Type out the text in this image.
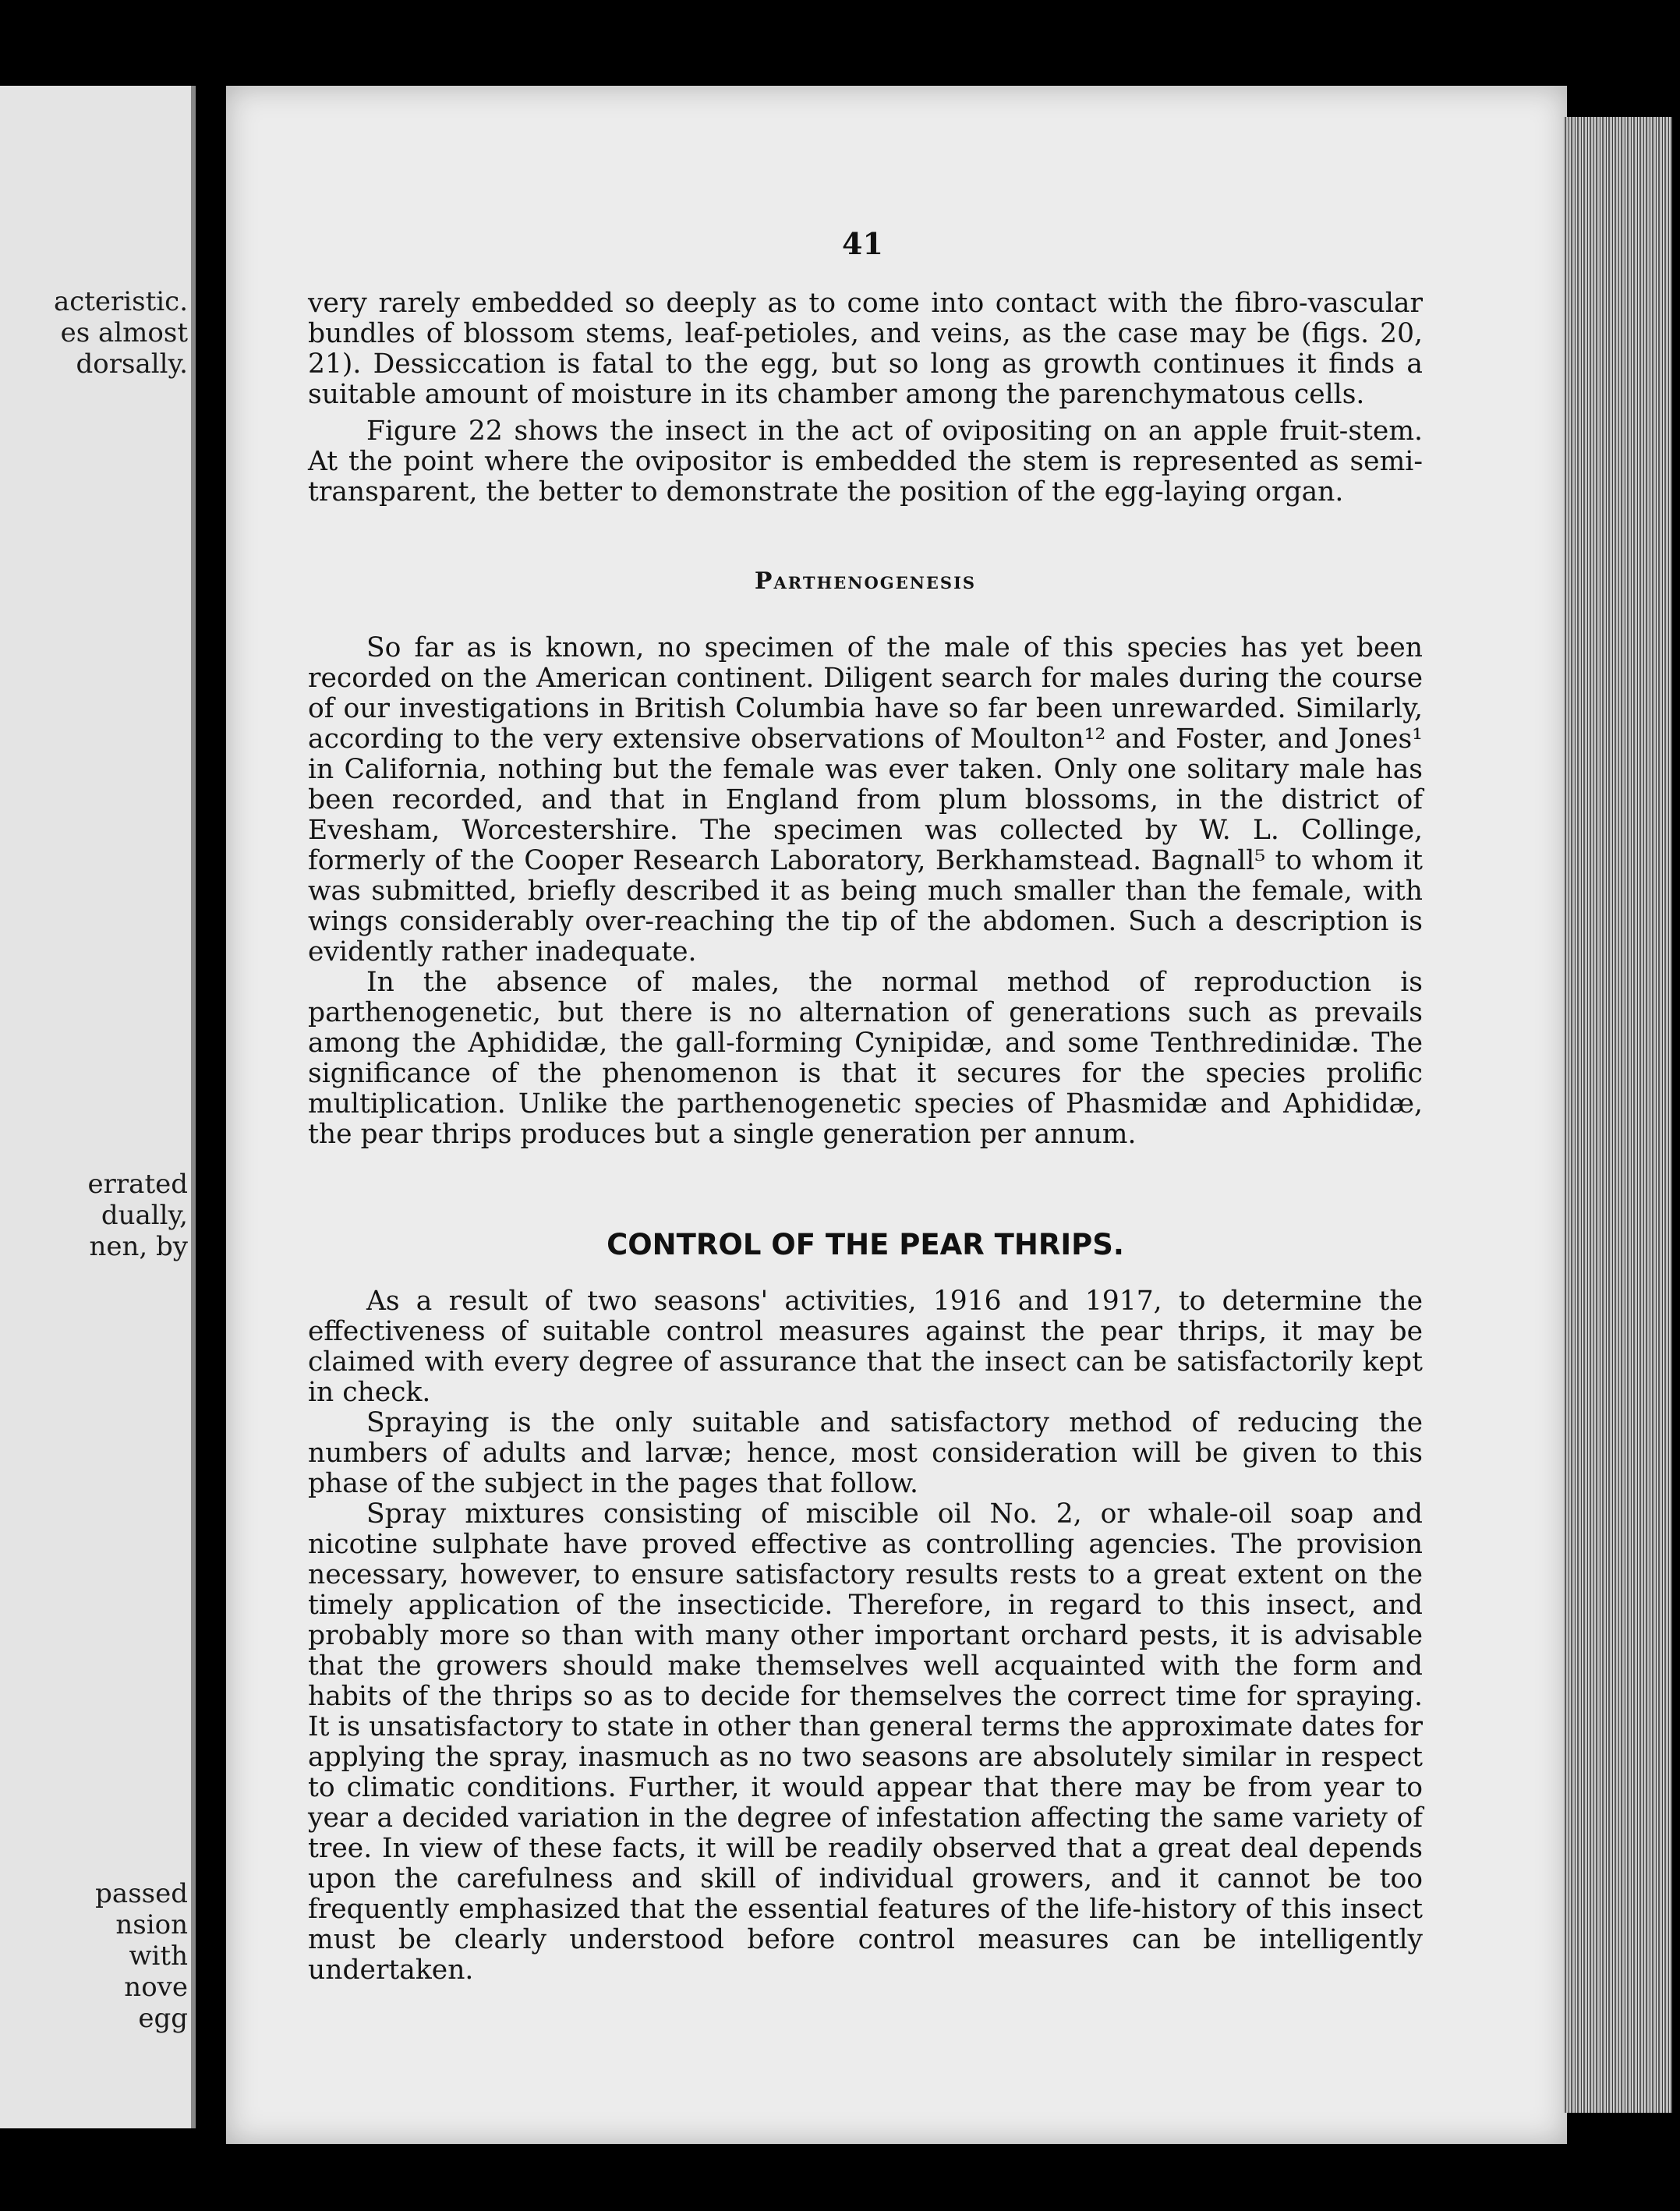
acteristic.
es almost
dorsally.
errated
dually,
nen, by
passed
nsion
with
nove
egg
41

very rarely embedded so deeply as to come into contact with the fibro-vascular bundles of blossom stems, leaf-petioles, and veins, as the case may be (figs. 20, 21). Dessiccation is fatal to the egg, but so long as growth continues it finds a suitable amount of moisture in its chamber among the parenchymatous cells.

Figure 22 shows the insect in the act of ovipositing on an apple fruit-stem. At the point where the ovipositor is embedded the stem is represented as semi-transparent, the better to demonstrate the position of the egg-laying organ.

Parthenogenesis

So far as is known, no specimen of the male of this species has yet been recorded on the American continent. Diligent search for males during the course of our investigations in British Columbia have so far been unrewarded. Similarly, according to the very extensive observations of Moulton¹² and Foster, and Jones¹ in California, nothing but the female was ever taken. Only one solitary male has been recorded, and that in England from plum blossoms, in the district of Evesham, Worcestershire. The specimen was collected by W. L. Collinge, formerly of the Cooper Research Laboratory, Berkhamstead. Bagnall⁵ to whom it was submitted, briefly described it as being much smaller than the female, with wings considerably over-reaching the tip of the abdomen. Such a description is evidently rather inadequate.

In the absence of males, the normal method of reproduction is parthenogenetic, but there is no alternation of generations such as prevails among the Aphididæ, the gall-forming Cynipidæ, and some Tenthredinidæ. The significance of the phenomenon is that it secures for the species prolific multiplication. Unlike the parthenogenetic species of Phasmidæ and Aphididæ, the pear thrips produces but a single generation per annum.

CONTROL OF THE PEAR THRIPS.

As a result of two seasons' activities, 1916 and 1917, to determine the effectiveness of suitable control measures against the pear thrips, it may be claimed with every degree of assurance that the insect can be satisfactorily kept in check.

Spraying is the only suitable and satisfactory method of reducing the numbers of adults and larvæ; hence, most consideration will be given to this phase of the subject in the pages that follow.

Spray mixtures consisting of miscible oil No. 2, or whale-oil soap and nicotine sulphate have proved effective as controlling agencies. The provision necessary, however, to ensure satisfactory results rests to a great extent on the timely application of the insecticide. Therefore, in regard to this insect, and probably more so than with many other important orchard pests, it is advisable that the growers should make themselves well acquainted with the form and habits of the thrips so as to decide for themselves the correct time for spraying. It is unsatisfactory to state in other than general terms the approximate dates for applying the spray, inasmuch as no two seasons are absolutely similar in respect to climatic conditions. Further, it would appear that there may be from year to year a decided variation in the degree of infestation affecting the same variety of tree. In view of these facts, it will be readily observed that a great deal depends upon the carefulness and skill of individual growers, and it cannot be too frequently emphasized that the essential features of the life-history of this insect must be clearly understood before control measures can be intelligently undertaken.
